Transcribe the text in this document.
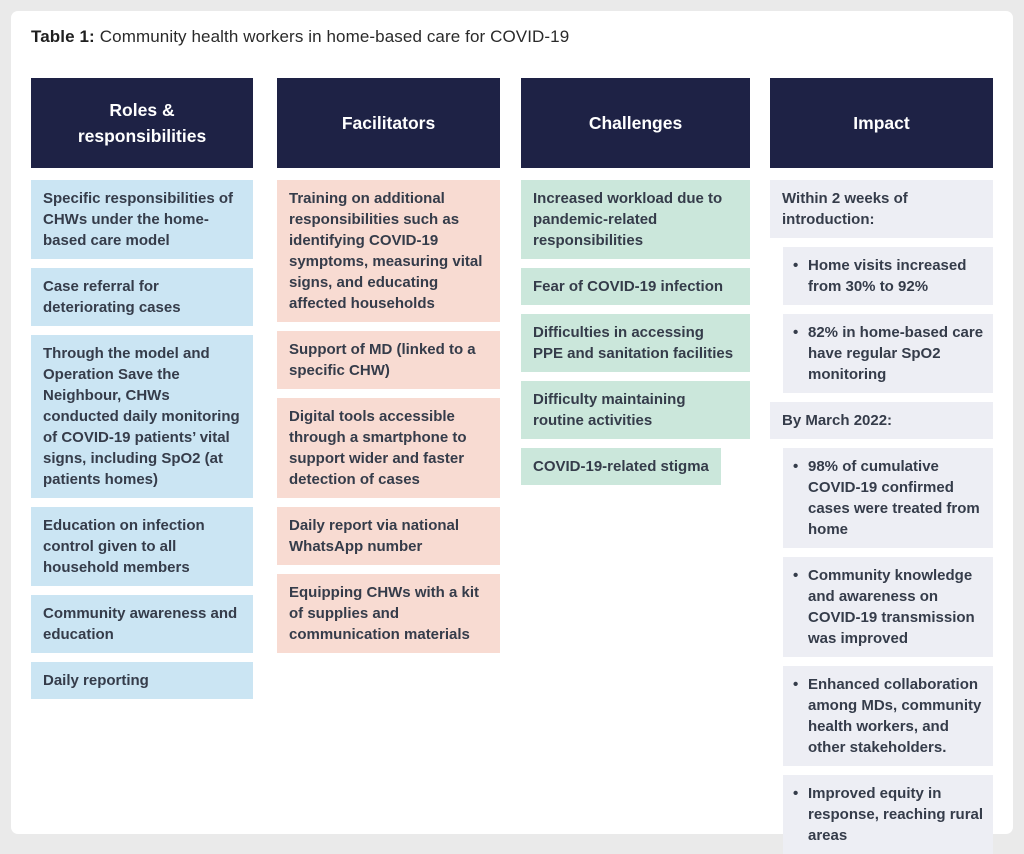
Table 1: Community health workers in home-based care for COVID-19
Roles & responsibilities
Specific responsibilities of CHWs under the home-based care model
Case referral for deteriorating cases
Through the model and Operation Save the Neighbour, CHWs conducted daily monitoring of COVID-19 patients’ vital signs, including SpO2 (at patients homes)
Education on infection control given to all household members
Community awareness and education
Daily reporting
Facilitators
Training on additional responsibilities such as identifying COVID-19 symptoms, measuring vital signs, and educating affected households
Support of MD (linked to a specific CHW)
Digital tools accessible through a smartphone to support wider and faster detection of cases
Daily report via national WhatsApp number
Equipping CHWs with a kit of supplies and communication materials
Challenges
Increased workload due to pandemic-related responsibilities
Fear of COVID-19 infection
Difficulties in accessing PPE and sanitation facilities
Difficulty maintaining routine activities
COVID-19-related stigma
Impact
Within 2 weeks of introduction:
• Home visits increased from 30% to 92%
• 82% in home-based care have regular SpO2 monitoring
By March 2022:
• 98% of cumulative COVID-19 confirmed cases were treated from home
• Community knowledge and awareness on COVID-19 transmission was improved
• Enhanced collaboration among MDs, community health workers, and other stakeholders.
• Improved equity in response, reaching rural areas
